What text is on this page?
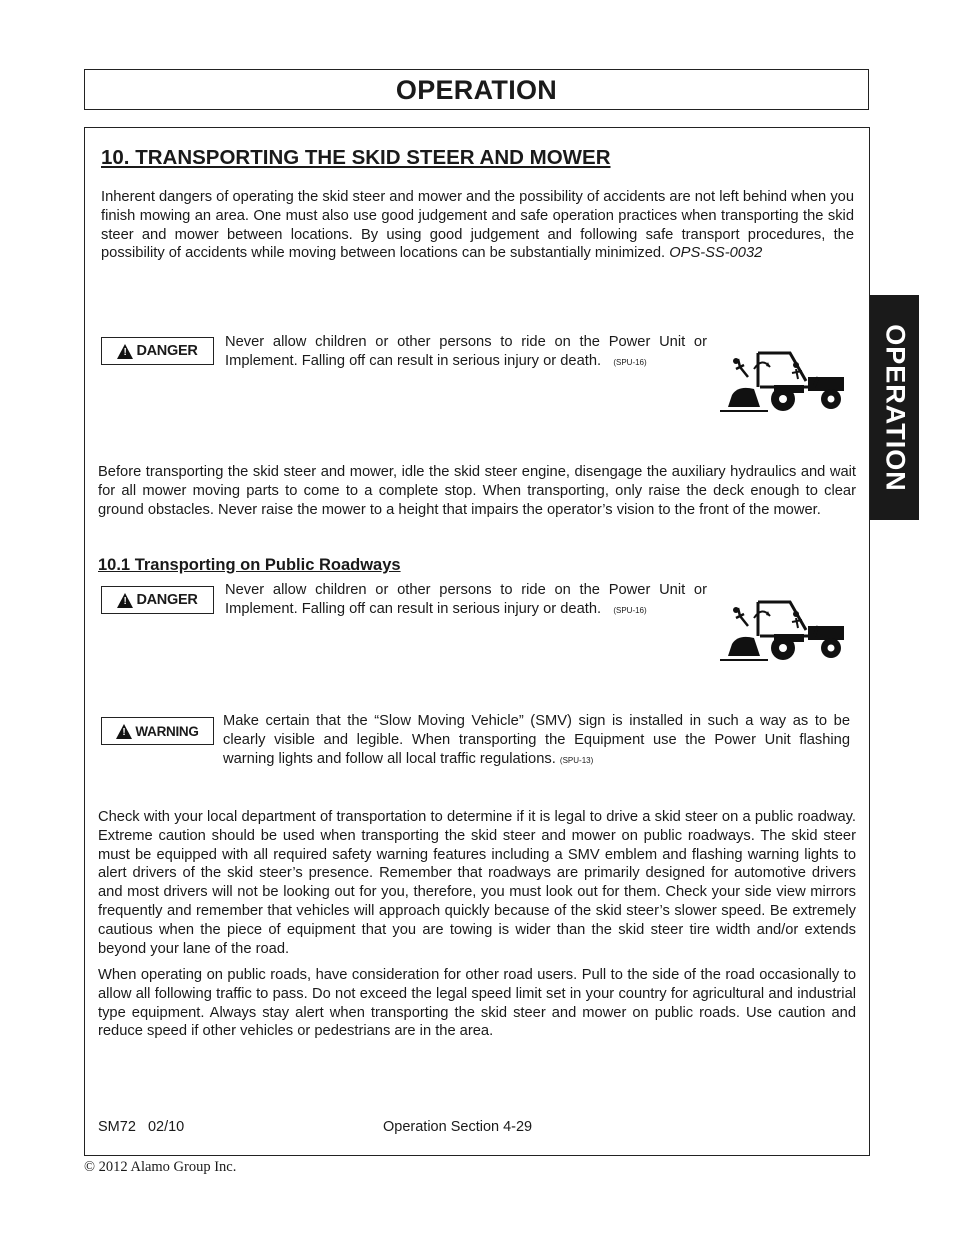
OPERATION
OPERATION
10. TRANSPORTING THE SKID STEER AND MOWER
Inherent dangers of operating the skid steer and mower and the possibility of accidents are not left behind when you finish mowing an area. One must also use good judgement and safe operation practices when transporting the skid steer and mower between locations. By using good judgement and following safe transport procedures, the possibility of accidents while moving between locations can be substantially minimized. OPS-SS-0032
! DANGER
Never allow children or other persons to ride on the Power Unit or Implement. Falling off can result in serious injury or death. (SPU-16)
Before transporting the skid steer and mower, idle the skid steer engine, disengage the auxiliary hydraulics and wait for all mower moving parts to come to a complete stop. When transporting, only raise the deck enough to clear ground obstacles. Never raise the mower to a height that impairs the operator’s vision to the front of the mower.
10.1 Transporting on Public Roadways
! DANGER
Never allow children or other persons to ride on the Power Unit or Implement. Falling off can result in serious injury or death. (SPU-16)
! WARNING
Make certain that the “Slow Moving Vehicle” (SMV) sign is installed in such a way as to be clearly visible and legible. When transporting the Equipment use the Power Unit flashing warning lights and follow all local traffic regulations. (SPU-13)
Check with your local department of transportation to determine if it is legal to drive a skid steer on a public roadway. Extreme caution should be used when transporting the skid steer and mower on public roadways. The skid steer must be equipped with all required safety warning features including a SMV emblem and flashing warning lights to alert drivers of the skid steer’s presence. Remember that roadways are primarily designed for automotive drivers and most drivers will not be looking out for you, therefore, you must look out for them. Check your side view mirrors frequently and remember that vehicles will approach quickly because of the skid steer’s slower speed. Be extremely cautious when the piece of equipment that you are towing is wider than the skid steer tire width and/or extends beyond your lane of the road.
When operating on public roads, have consideration for other road users. Pull to the side of the road occasionally to allow all following traffic to pass. Do not exceed the legal speed limit set in your country for agricultural and industrial type equipment. Always stay alert when transporting the skid steer and mower on public roads. Use caution and reduce speed if other vehicles or pedestrians are in the area.
SM72   02/10	Operation Section 4-29
© 2012 Alamo Group Inc.
